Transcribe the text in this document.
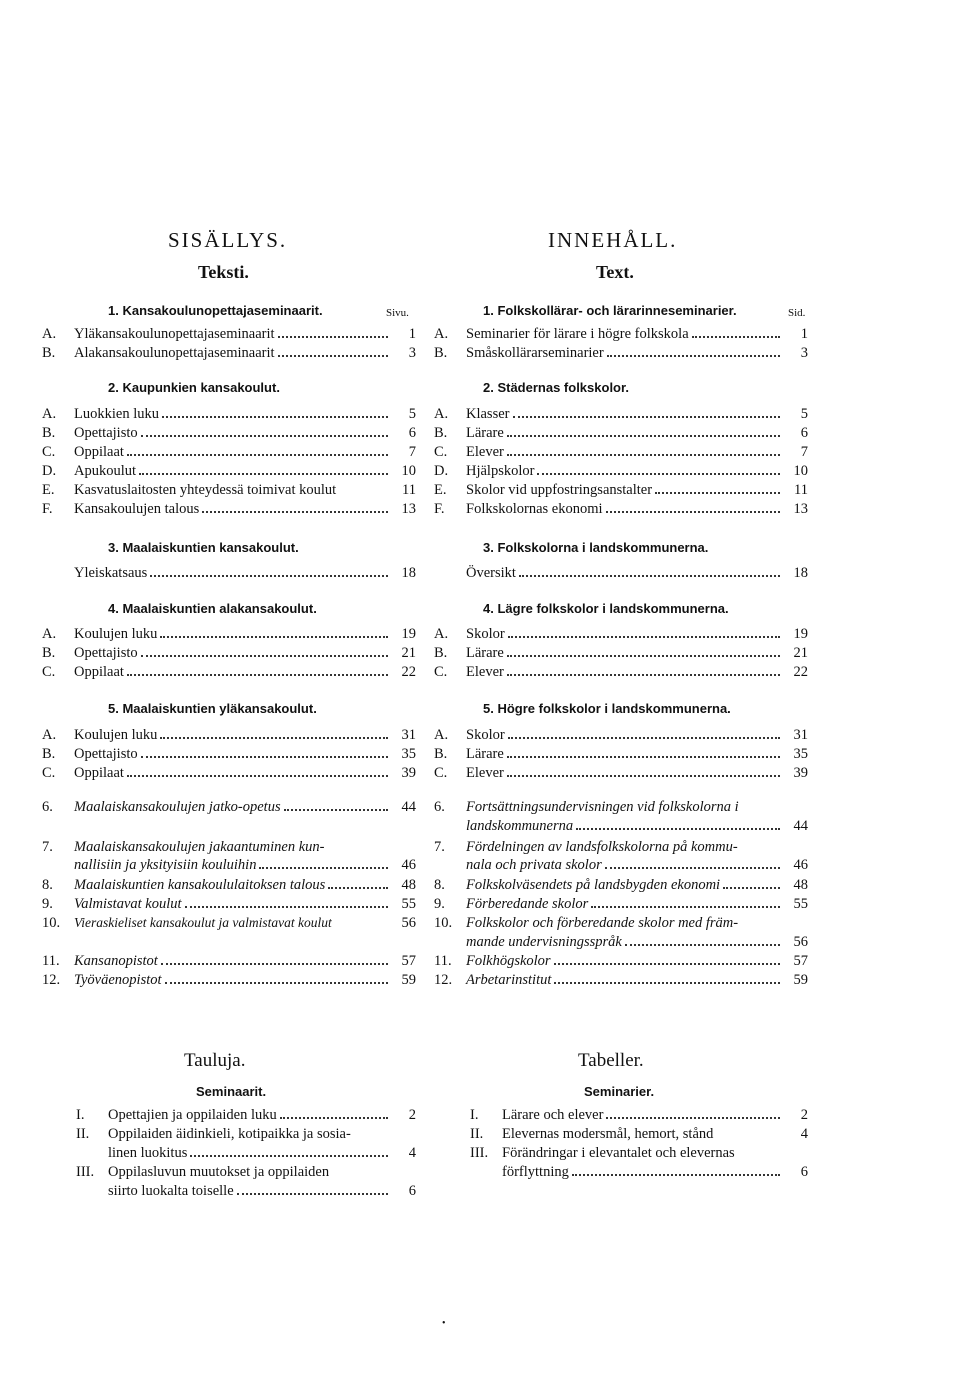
SISÄLLYS.
Teksti.
1. Kansakoulunopettajaseminaarit.	Sivu.
2. Kaupunkien kansakoulut.
3. Maalaiskuntien kansakoulut.
4. Maalaiskuntien alakansakoulut.
5. Maalaiskuntien yläkansakoulut.
A.	Yläkansakoulunopettajaseminaarit	1
B.	Alakansakoulunopettajaseminaarit	3
A.	Luokkien luku	5
B.	Opettajisto	6
C.	Oppilaat	7
D.	Apukoulut	10
E.	Kasvatuslaitosten yhteydessä toimivat koulut	11
F.	Kansakoulujen talous	13
Yleiskatsaus	18
A.	Koulujen luku	19
B.	Opettajisto	21
C.	Oppilaat	22
A.	Koulujen luku	31
B.	Opettajisto	35
C.	Oppilaat	39
6.	Maalaiskansakoulujen jatko-opetus	44
7.	Maalaiskansakoulujen jakaantuminen kun-
nallisiin ja yksityisiin kouluihin	46
8.	Maalaiskuntien kansakoululaitoksen talous	48
9.	Valmistavat koulut	55
10.	Vieraskieliset kansakoulut ja valmistavat koulut	56
11. Kansanopistot	57
12. Työväenopistot	59
Tauluja.
Seminaarit.
I.	Opettajien ja oppilaiden luku	2
II.	Oppilaiden äidinkieli, kotipaikka ja sosia-
linen luokitus	4
III. Oppilasluvun muutokset ja oppilaiden
siirto luokalta toiselle	6
INNEHÅLL.
Text.
1. Folkskollärar- och lärarinneseminarier.	Sid.
2. Städernas folkskolor.
3. Folkskolorna i landskommunerna.
4. Lägre folkskolor i landskommunerna.
5. Högre folkskolor i landskommunerna.
A.	Seminarier för lärare i högre folkskola	1
B.	Småskollärarseminarier	3
A.	Klasser	5
B.	Lärare	6
C.	Elever	7
D.	Hjälpskolor	10
E.	Skolor vid uppfostringsanstalter	11
F.	Folkskolornas ekonomi	13
Översikt	18
A.	Skolor	19
B.	Lärare	21
C.	Elever	22
A.	Skolor	31
B.	Lärare	35
C.	Elever	39
6.	Fortsättningsundervisningen vid folkskolorna i
landskommunerna	44
7.	Fördelningen av landsfolkskolorna på kommu-
nala och privata skolor	46
8.	Folkskolväsendets på landsbygden ekonomi	48
9.	Förberedande skolor	55
10. Folkskolor och förberedande skolor med främ-
mande undervisningsspråk	56
11. Folkhögskolor	57
12. Arbetarinstitut	59
Tabeller.
Seminarier.
I.	Lärare och elever	2
II.	Elevernas modersmål, hemort, stånd	4
III. Förändringar i elevantalet och elevernas
förflyttning	6
•
